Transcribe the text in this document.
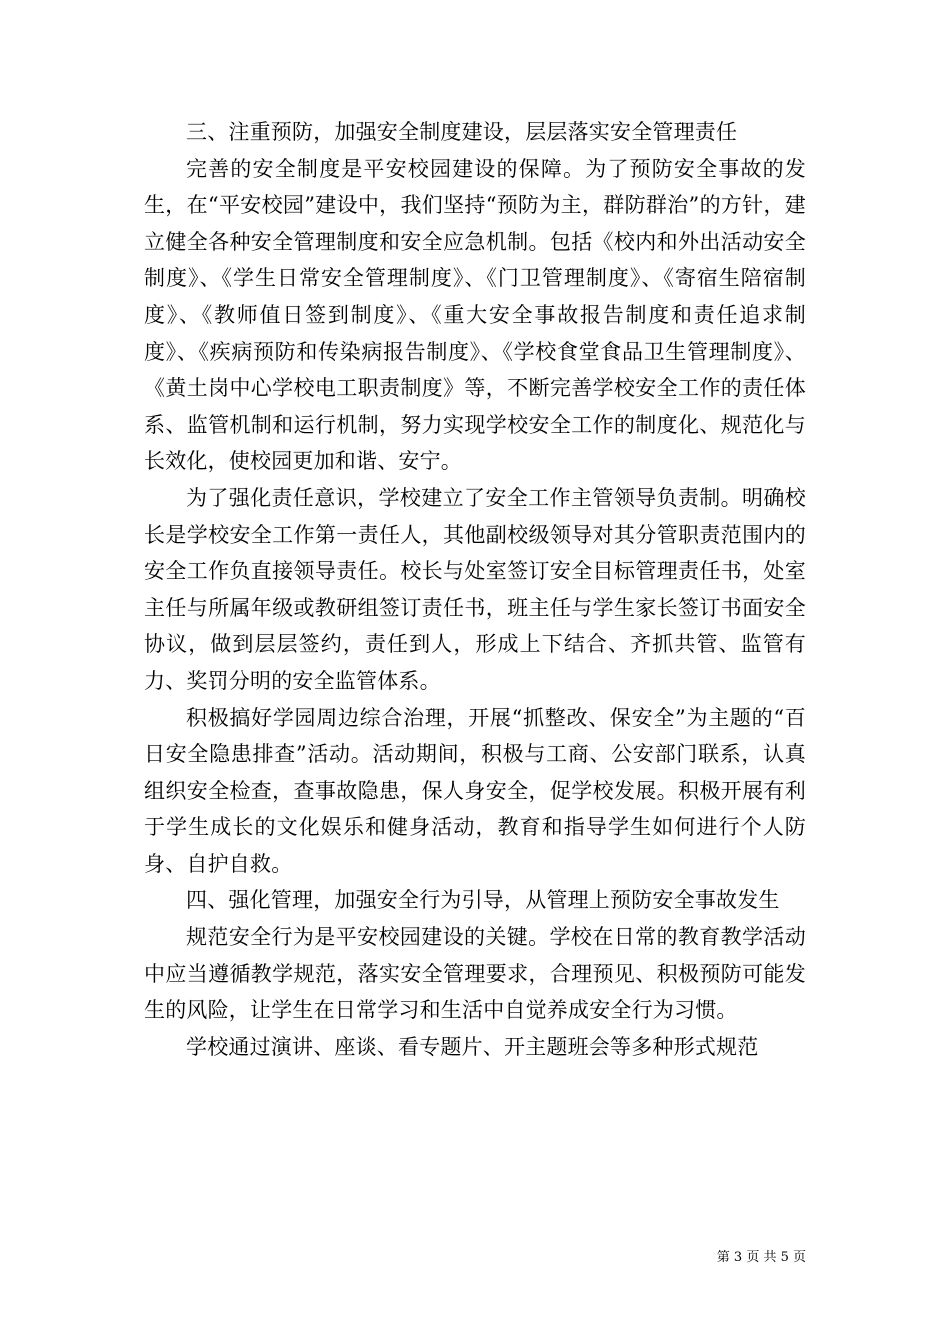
三、注重预防，加强安全制度建设，层层落实安全管理责任

完善的安全制度是平安校园建设的保障。为了预防安全事故的发生，在“平安校园”建设中，我们坚持“预防为主，群防群治”的方针，建立健全各种安全管理制度和安全应急机制。包括《校内和外出活动安全制度》、《学生日常安全管理制度》、《门卫管理制度》、《寄宿生陪宿制度》、《教师值日签到制度》、《重大安全事故报告制度和责任追求制度》、《疾病预防和传染病报告制度》、《学校食堂食品卫生管理制度》、《黄土岗中心学校电工职责制度》等，不断完善学校安全工作的责任体系、监管机制和运行机制，努力实现学校安全工作的制度化、规范化与长效化，使校园更加和谐、安宁。

为了强化责任意识，学校建立了安全工作主管领导负责制。明确校长是学校安全工作第一责任人，其他副校级领导对其分管职责范围内的安全工作负直接领导责任。校长与处室签订安全目标管理责任书，处室主任与所属年级或教研组签订责任书，班主任与学生家长签订书面安全协议，做到层层签约，责任到人，形成上下结合、齐抓共管、监管有力、奖罚分明的安全监管体系。

积极搞好学园周边综合治理，开展“抓整改、保安全”为主题的“百日安全隐患排查”活动。活动期间，积极与工商、公安部门联系，认真组织安全检查，查事故隐患，保人身安全，促学校发展。积极开展有利于学生成长的文化娱乐和健身活动，教育和指导学生如何进行个人防身、自护自救。

四、强化管理，加强安全行为引导，从管理上预防安全事故发生

规范安全行为是平安校园建设的关键。学校在日常的教育教学活动中应当遵循教学规范，落实安全管理要求，合理预见、积极预防可能发生的风险，让学生在日常学习和生活中自觉养成安全行为习惯。

学校通过演讲、座谈、看专题片、开主题班会等多种形式规范

第 3 页 共 5 页
